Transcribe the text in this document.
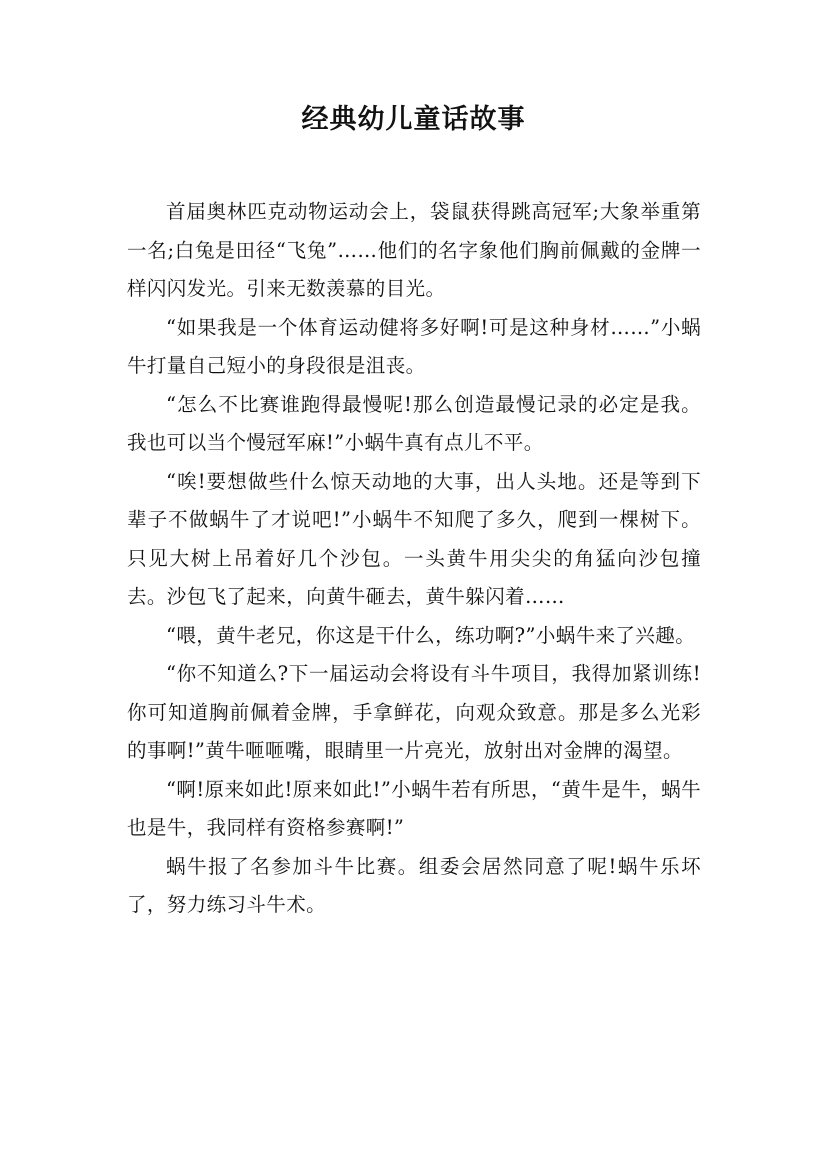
经典幼儿童话故事

首届奥林匹克动物运动会上，袋鼠获得跳高冠军;大象举重第一名;白兔是田径“飞兔”……他们的名字象他们胸前佩戴的金牌一样闪闪发光。引来无数羡慕的目光。

“如果我是一个体育运动健将多好啊!可是这种身材……”小蜗牛打量自己短小的身段很是沮丧。

“怎么不比赛谁跑得最慢呢!那么创造最慢记录的必定是我。我也可以当个慢冠军麻!”小蜗牛真有点儿不平。

“唉!要想做些什么惊天动地的大事，出人头地。还是等到下辈子不做蜗牛了才说吧!”小蜗牛不知爬了多久，爬到一棵树下。只见大树上吊着好几个沙包。一头黄牛用尖尖的角猛向沙包撞去。沙包飞了起来，向黄牛砸去，黄牛躲闪着……

“喂，黄牛老兄，你这是干什么，练功啊?”小蜗牛来了兴趣。

“你不知道么?下一届运动会将设有斗牛项目，我得加紧训练!你可知道胸前佩着金牌，手拿鲜花，向观众致意。那是多么光彩的事啊!”黄牛咂咂嘴，眼睛里一片亮光，放射出对金牌的渴望。

“啊!原来如此!原来如此!”小蜗牛若有所思，“黄牛是牛，蜗牛也是牛，我同样有资格参赛啊!”

蜗牛报了名参加斗牛比赛。组委会居然同意了呢!蜗牛乐坏了，努力练习斗牛术。
